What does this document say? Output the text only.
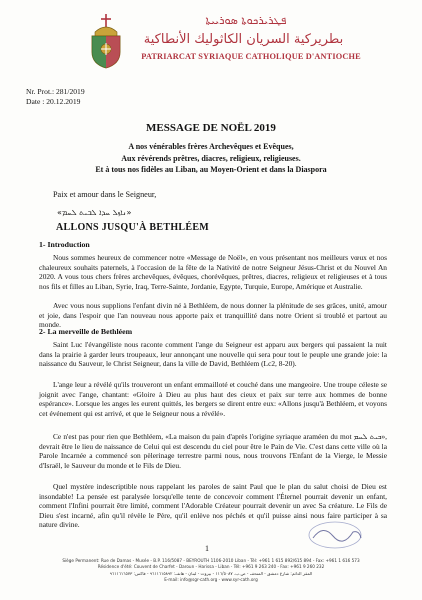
ܦܛܪܝܪܟܘܬܐ ܣܘܪܝܝܬܐ
بطريركية السريان الكاثوليك الأنطاكية
PATRIARCAT SYRIAQUE CATHOLIQUE D'ANTIOCHE
Nr. Prot.: 281/2019
Date : 20.12.2019
MESSAGE DE NOËL 2019
A nos vénérables frères Archevêques et Evêques,
Aux révérends prêtres, diacres, religieux, religieuses.
Et à tous nos fidèles au Liban, au Moyen-Orient et dans la Diaspora
Paix et amour dans le Seigneur,
«ܢܐܙܠ ܚܕܐ ܠܒܝܬ ܠܚܡ»
ALLONS JUSQU'À BETHLÉEM
1- Introduction
Nous sommes heureux de commencer notre «Message de Noël», en vous présentant nos meilleurs vœux et nos chaleureux souhaits paternels, à l'occasion de la fête de la Nativité de notre Seigneur Jésus-Christ et du Nouvel An 2020. A vous tous chers frères archevêques, évêques, chorévêques, prêtres, diacres, religieux et religieuses et à tous nos fils et filles au Liban, Syrie, Iraq, Terre-Sainte, Jordanie, Egypte, Turquie, Europe, Amérique et Australie.
Avec vous nous supplions l'enfant divin né à Bethléem, de nous donner la plénitude de ses grâces, unité, amour et joie, dans l'espoir que l'an nouveau nous apporte paix et tranquillité dans notre Orient si troublé et partout au monde.
2- La merveille de Bethléem
Saint Luc l'évangéliste nous raconte comment l'ange du Seigneur est apparu aux bergers qui passaient la nuit dans la prairie à garder leurs troupeaux, leur annonçant une nouvelle qui sera pour tout le peuple une grande joie: la naissance du Sauveur, le Christ Seigneur, dans la ville de David, Bethléem (Lc2, 8-20).
L'ange leur a révélé qu'ils trouveront un enfant emmailloté et couché dans une mangeoire. Une troupe céleste se joignit avec l'ange, chantant: «Gloire à Dieu au plus haut des cieux et paix sur terre aux hommes de bonne espérance». Lorsque les anges les eurent quittés, les bergers se dirent entre eux: «Allons jusqu'à Bethléem, et voyons cet événement qui est arrivé, et que le Seigneur nous a révélé».
Ce n'est pas pour rien que Bethléem, «La maison du pain d'après l'origine syriaque araméen du mot ܒܝܬ ܠܚܡ», devrait être le lieu de naissance de Celui qui est descendu du ciel pour être le Pain de Vie. C'est dans cette ville où la Parole Incarnée a commencé son pèlerinage terrestre parmi nous, nous trouvons l'Enfant de la Vierge, le Messie d'Israël, le Sauveur du monde et le Fils de Dieu.
Quel mystère indescriptible nous rappelant les paroles de saint Paul que le plan du salut choisi de Dieu est insondable! La pensée est paralysée lorsqu'elle tente de concevoir comment l'Éternel pourrait devenir un enfant, comment l'Infini pourrait être limité, comment l'Adorable Créateur pourrait devenir un avec Sa créature. Le Fils de Dieu s'est incarné, afin qu'il révèle le Père, qu'il enlève nos péchés et qu'il puisse ainsi nous faire participer à sa nature divine.
1
Siège Permanent: Rue de Damas - Musée - B.P. 116/5087 - BEYROUTH 1106-2010 Liban - Tél: +961 1 615 892/615 894 - Fax: +961 1 616 573
Résidence d'été: Couvent de Charfet - Daroun - Harissa - Liban - Tél: +961 9 263 240 - Fax: +961 9 260 232
المقر الدائم: شارع دمشق - المتحف - ص.ب. ١١٦/٥٠٨٧ - بيروت - لبنان - هاتف: ٩٦١١٦١٥٨٩٢ - فاكس: ٩٦١١٦١٦٥٧٣
E-mail: info@sgr-cath.org - www.syr-cath.org
